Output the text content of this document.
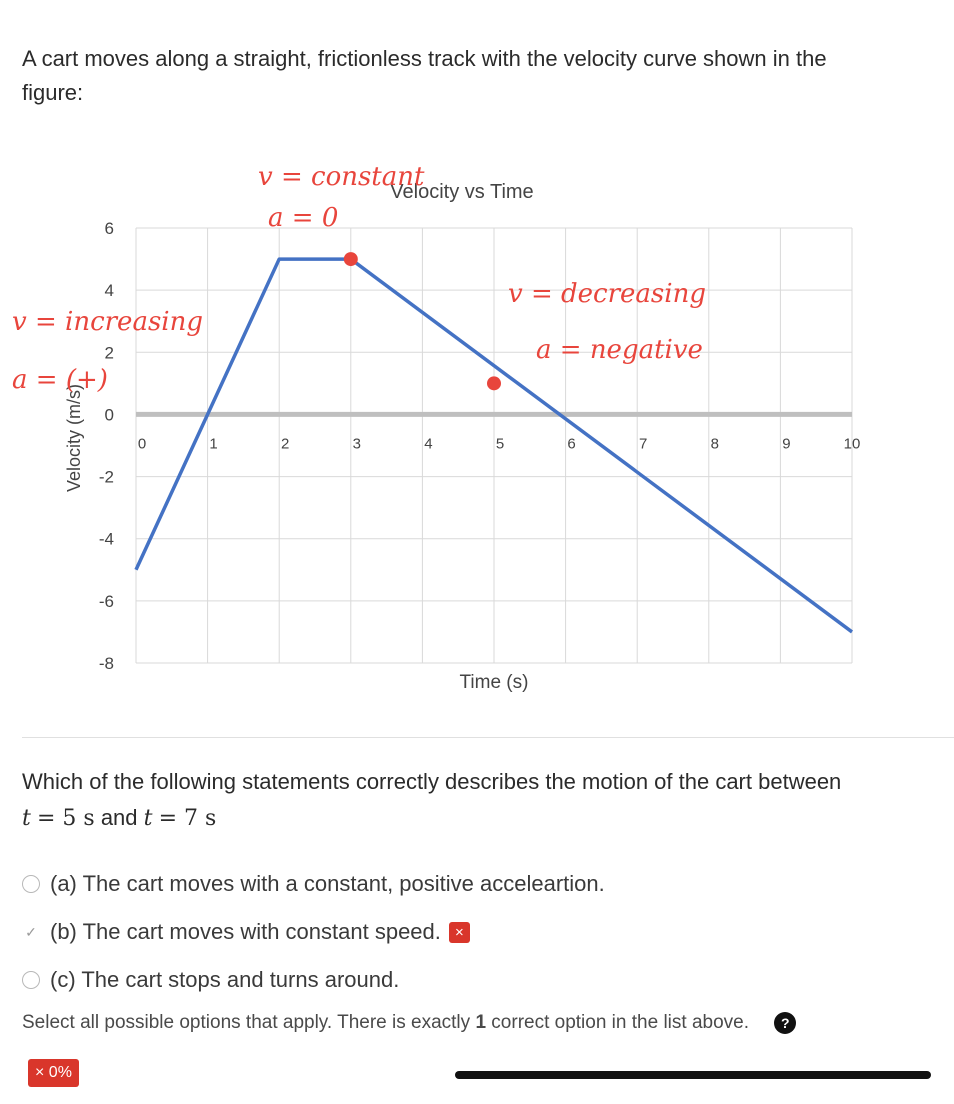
A cart moves along a straight, frictionless track with the velocity curve shown in the
figure:
6
4
2
0
-2
-4
-6
-8
0	1	2	3	4	5	6	7	8	9	10
Velocity vs Time
Time (s)
Velocity (m/s)
v = constant
a = 0
v = increasing
a = (+)
v = decreasing
a = negative
Which of the following statements correctly describes the motion of the cart between
t = 5 s and t = 7 s
(a) The cart moves with a constant, positive acceleartion.
✓ (b) The cart moves with constant speed. ×
(c) The cart stops and turns around.
Select all possible options that apply. There is exactly 1 correct option in the list above. ?
× 0%
